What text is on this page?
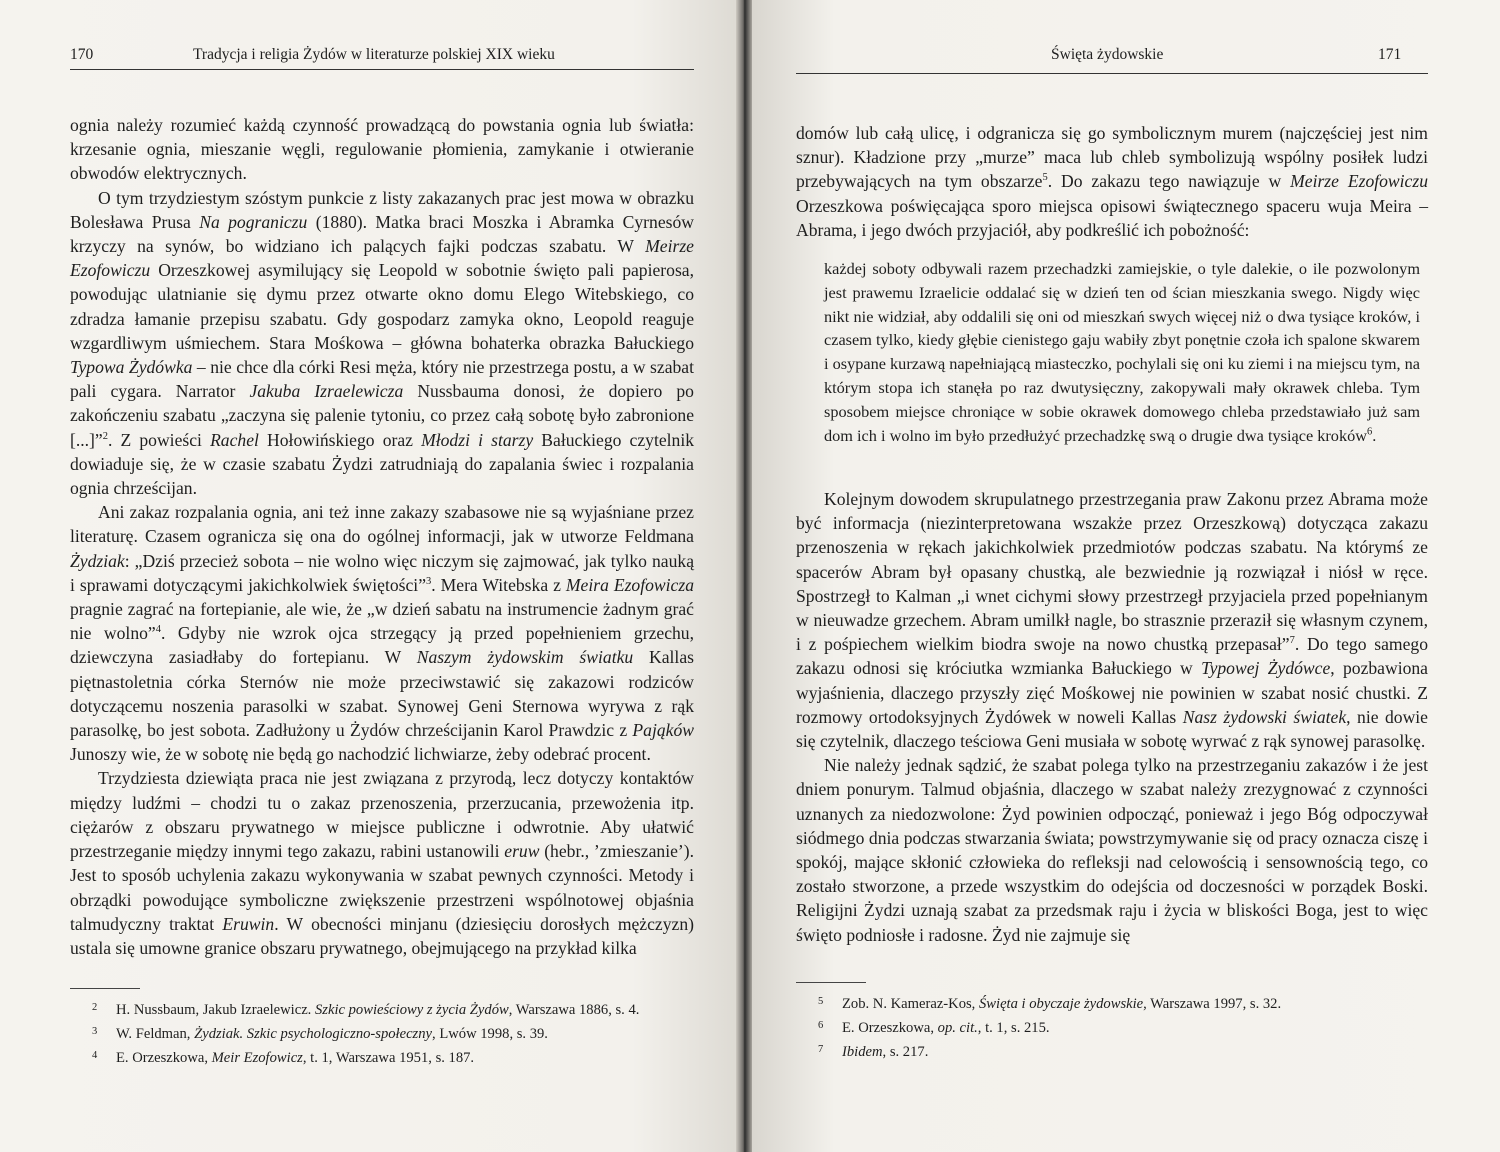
170	Tradycja i religia Żydów w literaturze polskiej XIX wieku

ognia należy rozumieć każdą czynność prowadzącą do powstania ognia lub światła: krzesanie ognia, mieszanie węgli, regulowanie płomienia, zamykanie i otwieranie obwodów elektrycznych.

O tym trzydziestym szóstym punkcie z listy zakazanych prac jest mowa w obrazku Bolesława Prusa Na pograniczu (1880). Matka braci Moszka i Abramka Cyrnesów krzyczy na synów, bo widziano ich palących fajki podczas szabatu. W Meirze Ezofowiczu Orzeszkowej asymilujący się Leopold w sobotnie święto pali papierosa, powodując ulatnianie się dymu przez otwarte okno domu Elego Witebskiego, co zdradza łamanie przepisu szabatu. Gdy gospodarz zamyka okno, Leopold reaguje wzgardliwym uśmiechem. Stara Mośkowa – główna bohaterka obrazka Bałuckiego Typowa Żydówka – nie chce dla córki Resi męża, który nie przestrzega postu, a w szabat pali cygara. Narrator Jakuba Izraelewicza Nussbauma donosi, że dopiero po zakończeniu szabatu „zaczyna się palenie tytoniu, co przez całą sobotę było zabronione [...]”$^2$. Z powieści Rachel Hołowińskiego oraz Młodzi i starzy Bałuckiego czytelnik dowiaduje się, że w czasie szabatu Żydzi zatrudniają do zapalania świec i rozpalania ognia chrześcijan.

Ani zakaz rozpalania ognia, ani też inne zakazy szabasowe nie są wyjaśniane przez literaturę. Czasem ogranicza się ona do ogólnej informacji, jak w utworze Feldmana Żydziak: „Dziś przecież sobota – nie wolno więc niczym się zajmować, jak tylko nauką i sprawami dotyczącymi jakichkolwiek świętości”$^3$. Mera Witebska z Meira Ezofowicza pragnie zagrać na fortepianie, ale wie, że „w dzień sabatu na instrumencie żadnym grać nie wolno”$^4$. Gdyby nie wzrok ojca strzegący ją przed popełnieniem grzechu, dziewczyna zasiadłaby do fortepianu. W Naszym żydowskim światku Kallas piętnastoletnia córka Sternów nie może przeciwstawić się zakazowi rodziców dotyczącemu noszenia parasolki w szabat. Synowej Geni Sternowa wyrywa z rąk parasolkę, bo jest sobota. Zadłużony u Żydów chrześcijanin Karol Prawdzic z Pająków Junoszy wie, że w sobotę nie będą go nachodzić lichwiarze, żeby odebrać procent.

Trzydziesta dziewiąta praca nie jest związana z przyrodą, lecz dotyczy kontaktów między ludźmi – chodzi tu o zakaz przenoszenia, przerzucania, przewożenia itp. ciężarów z obszaru prywatnego w miejsce publiczne i odwrotnie. Aby ułatwić przestrzeganie między innymi tego zakazu, rabini ustanowili eruw (hebr., ’zmieszanie’). Jest to sposób uchylenia zakazu wykonywania w szabat pewnych czynności. Metody i obrządki powodujące symboliczne zwiększenie przestrzeni wspólnotowej objaśnia talmudyczny traktat Eruwin. W obecności minjanu (dziesięciu dorosłych mężczyzn) ustala się umowne granice obszaru prywatnego, obejmującego na przykład kilka

2 H. Nussbaum, Jakub Izraelewicz. Szkic powieściowy z życia Żydów, Warszawa 1886, s. 4.
3 W. Feldman, Żydziak. Szkic psychologiczno-społeczny, Lwów 1998, s. 39.
4 E. Orzeszkowa, Meir Ezofowicz, t. 1, Warszawa 1951, s. 187.
Święta żydowskie	171

domów lub całą ulicę, i odgranicza się go symbolicznym murem (najczęściej jest nim sznur). Kładzione przy „murze” maca lub chleb symbolizują wspólny posiłek ludzi przebywających na tym obszarze$^5$. Do zakazu tego nawiązuje w Meirze Ezofowiczu Orzeszkowa poświęcająca sporo miejsca opisowi świątecznego spaceru wuja Meira – Abrama, i jego dwóch przyjaciół, aby podkreślić ich pobożność:

każdej soboty odbywali razem przechadzki zamiejskie, o tyle dalekie, o ile pozwolonym jest prawemu Izraelicie oddalać się w dzień ten od ścian mieszkania swego. Nigdy więc nikt nie widział, aby oddalili się oni od mieszkań swych więcej niż o dwa tysiące kroków, i czasem tylko, kiedy głębie cienistego gaju wabiły zbyt ponętnie czoła ich spalone skwarem i osypane kurzawą napełniającą miasteczko, pochylali się oni ku ziemi i na miejscu tym, na którym stopa ich stanęła po raz dwutysięczny, zakopywali mały okrawek chleba. Tym sposobem miejsce chroniące w sobie okrawek domowego chleba przedstawiało już sam dom ich i wolno im było przedłużyć przechadzkę swą o drugie dwa tysiące kroków$^6$.

Kolejnym dowodem skrupulatnego przestrzegania praw Zakonu przez Abrama może być informacja (niezinterpretowana wszakże przez Orzeszkową) dotycząca zakazu przenoszenia w rękach jakichkolwiek przedmiotów podczas szabatu. Na którymś ze spacerów Abram był opasany chustką, ale bezwiednie ją rozwiązał i niósł w ręce. Spostrzegł to Kalman „i wnet cichymi słowy przestrzegł przyjaciela przed popełnianym w nieuwadze grzechem. Abram umilkł nagle, bo strasznie przeraził się własnym czynem, i z pośpiechem wielkim biodra swoje na nowo chustką przepasał”$^7$. Do tego samego zakazu odnosi się króciutka wzmianka Bałuckiego w Typowej Żydówce, pozbawiona wyjaśnienia, dlaczego przyszły zięć Mośkowej nie powinien w szabat nosić chustki. Z rozmowy ortodoksyjnych Żydówek w noweli Kallas Nasz żydowski światek, nie dowie się czytelnik, dlaczego teściowa Geni musiała w sobotę wyrwać z rąk synowej parasolkę.

Nie należy jednak sądzić, że szabat polega tylko na przestrzeganiu zakazów i że jest dniem ponurym. Talmud objaśnia, dlaczego w szabat należy zrezygnować z czynności uznanych za niedozwolone: Żyd powinien odpocząć, ponieważ i jego Bóg odpoczywał siódmego dnia podczas stwarzania świata; powstrzymywanie się od pracy oznacza ciszę i spokój, mające skłonić człowieka do refleksji nad celowością i sensownością tego, co zostało stworzone, a przede wszystkim do odejścia od doczesności w porządek Boski. Religijni Żydzi uznają szabat za przedsmak raju i życia w bliskości Boga, jest to więc święto podniosłe i radosne. Żyd nie zajmuje się

5 Zob. N. Kameraz-Kos, Święta i obyczaje żydowskie, Warszawa 1997, s. 32.
6 E. Orzeszkowa, op. cit., t. 1, s. 215.
7 Ibidem, s. 217.
